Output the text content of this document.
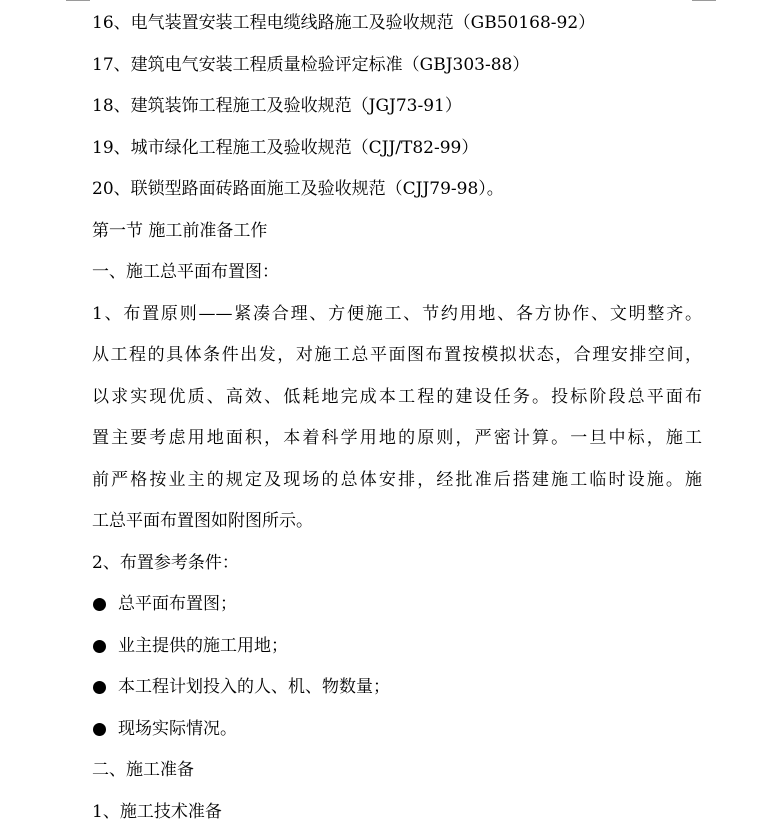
16、电气装置安装工程电缆线路施工及验收规范（GB50168-92）
17、建筑电气安装工程质量检验评定标准（GBJ303-88）
18、建筑装饰工程施工及验收规范（JGJ73-91）
19、城市绿化工程施工及验收规范（CJJ/T82-99）
20、联锁型路面砖路面施工及验收规范（CJJ79-98）。
第一节 施工前准备工作
一、施工总平面布置图：
1、布置原则——紧凑合理、方便施工、节约用地、各方协作、文明整齐。
从工程的具体条件出发，对施工总平面图布置按模拟状态，合理安排空间，
以求实现优质、高效、低耗地完成本工程的建设任务。投标阶段总平面布
置主要考虑用地面积，本着科学用地的原则，严密计算。一旦中标，施工
前严格按业主的规定及现场的总体安排，经批准后搭建施工临时设施。施
工总平面布置图如附图所示。
2、布置参考条件：
总平面布置图；
业主提供的施工用地；
本工程计划投入的人、机、物数量；
现场实际情况。
二、施工准备
1、施工技术准备
